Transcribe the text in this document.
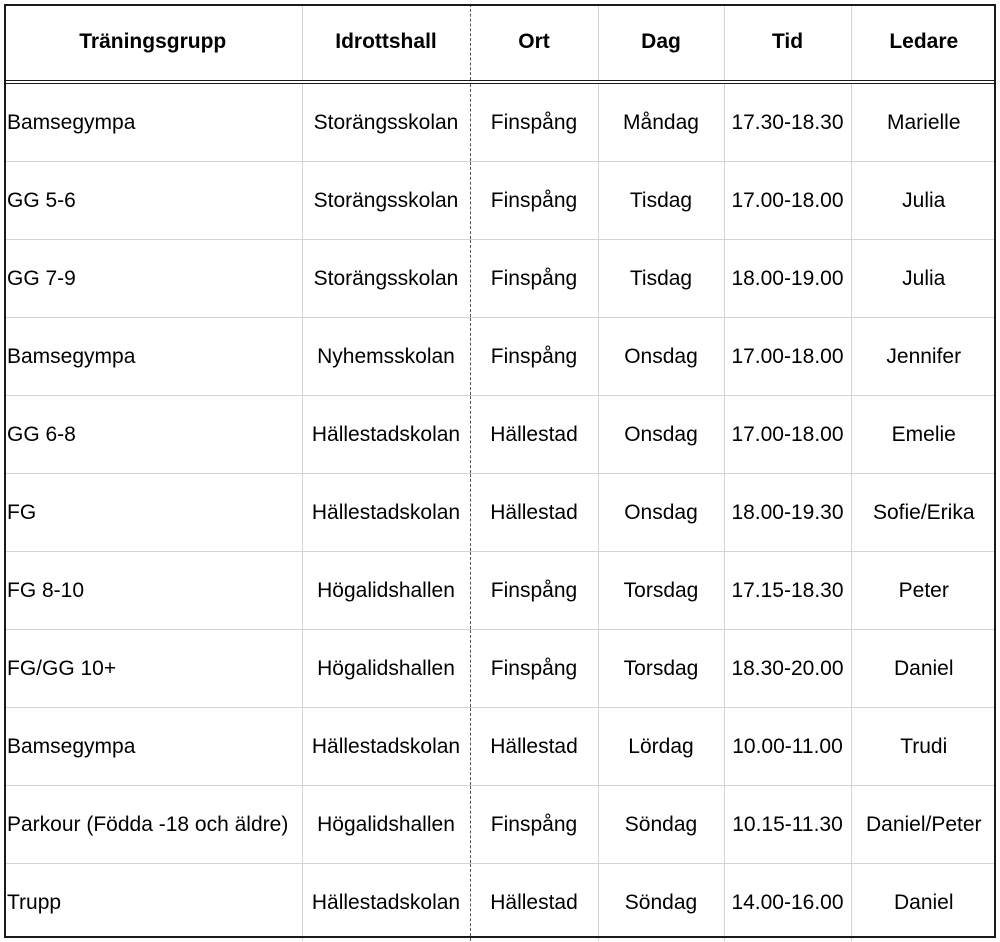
Träningsgrupp	Idrottshall	Ort	Dag	Tid	Ledare
Bamsegympa	Storängsskolan	Finspång	Måndag	17.30-18.30	Marielle
GG 5-6	Storängsskolan	Finspång	Tisdag	17.00-18.00	Julia
GG 7-9	Storängsskolan	Finspång	Tisdag	18.00-19.00	Julia
Bamsegympa	Nyhemsskolan	Finspång	Onsdag	17.00-18.00	Jennifer
GG 6-8	Hällestadskolan	Hällestad	Onsdag	17.00-18.00	Emelie
FG	Hällestadskolan	Hällestad	Onsdag	18.00-19.30	Sofie/Erika
FG 8-10	Högalidshallen	Finspång	Torsdag	17.15-18.30	Peter
FG/GG 10+	Högalidshallen	Finspång	Torsdag	18.30-20.00	Daniel
Bamsegympa	Hällestadskolan	Hällestad	Lördag	10.00-11.00	Trudi
Parkour (Födda -18 och äldre)	Högalidshallen	Finspång	Söndag	10.15-11.30	Daniel/Peter
Trupp	Hällestadskolan	Hällestad	Söndag	14.00-16.00	Daniel
